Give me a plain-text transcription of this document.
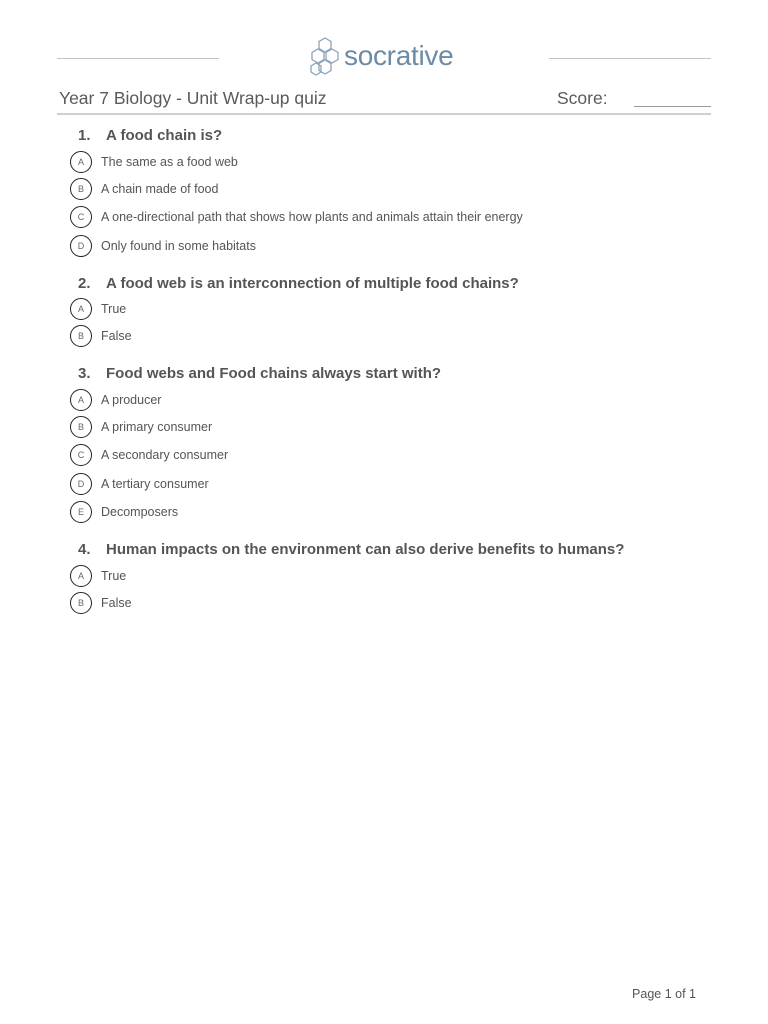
socrative
Year 7 Biology - Unit Wrap-up quiz	Score:
1. A food chain is?
A	The same as a food web
B	A chain made of food
C	A one-directional path that shows how plants and animals attain their energy
D	Only found in some habitats
2. A food web is an interconnection of multiple food chains?
A	True
B	False
3. Food webs and Food chains always start with?
A	A producer
B	A primary consumer
C	A secondary consumer
D	A tertiary consumer
E	Decomposers
4. Human impacts on the environment can also derive benefits to humans?
A	True
B	False
Page 1 of 1
